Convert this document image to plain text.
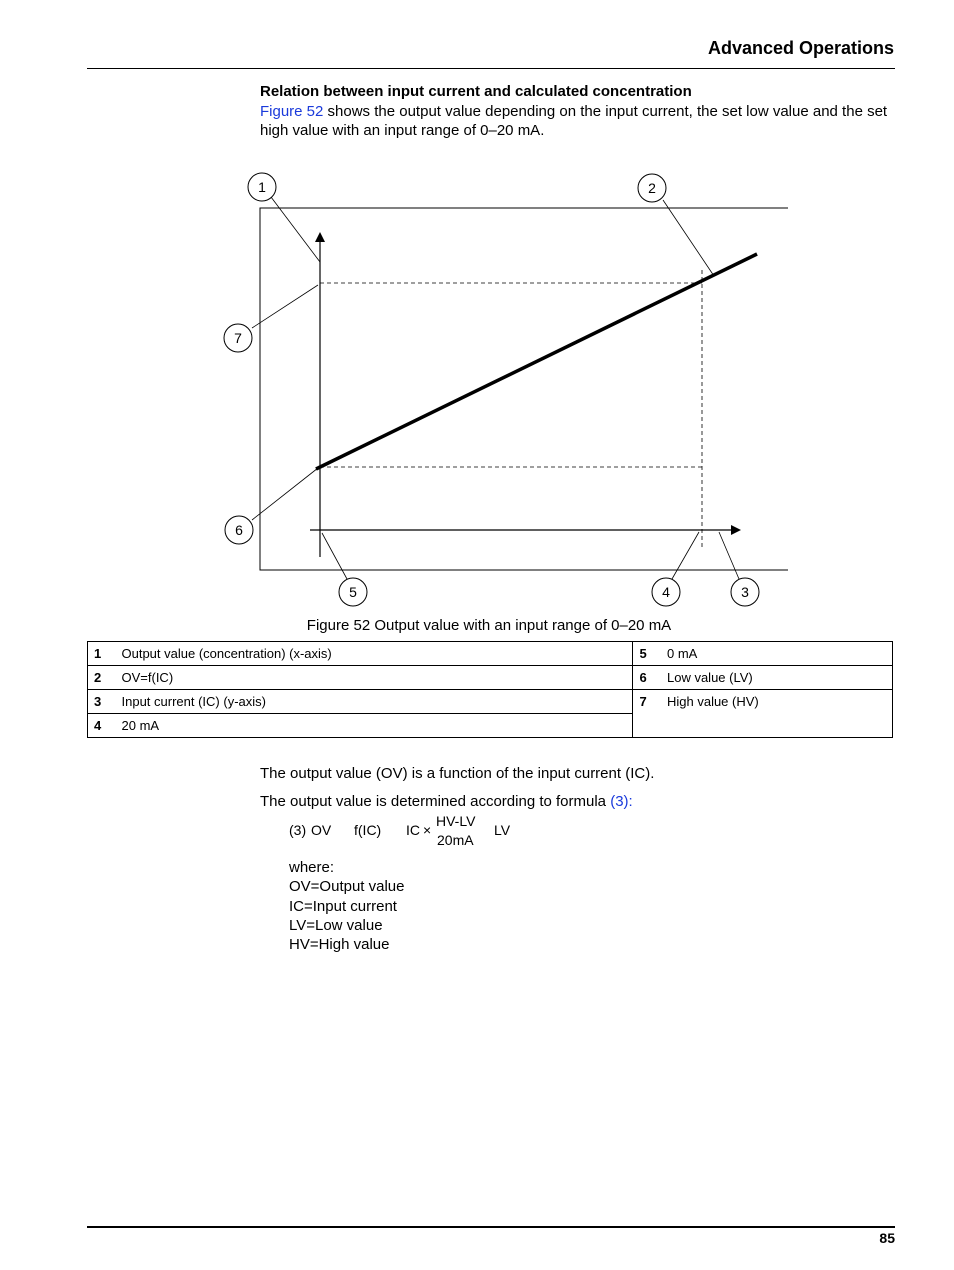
Advanced Operations
Relation between input current and calculated concentration
Figure 52 shows the output value depending on the input current, the set low value and the set high value with an input range of 0–20 mA.
1	2
3
4
5
6
7
Figure 52 Output value with an input range of 0–20 mA
1	Output value (concentration) (x-axis)	5	0 mA
2	OV=f(IC)	6	Low value (LV)
3	Input current (IC) (y-axis)	7	High value (HV)
4	20 mA		
The output value (OV) is a function of the input current (IC).
The output value is determined according to formula (3):
(3) OV f(IC) IC ×
HV-LV
20mA
LV
where:
OV=Output value
IC=Input current
LV=Low value
HV=High value
85
